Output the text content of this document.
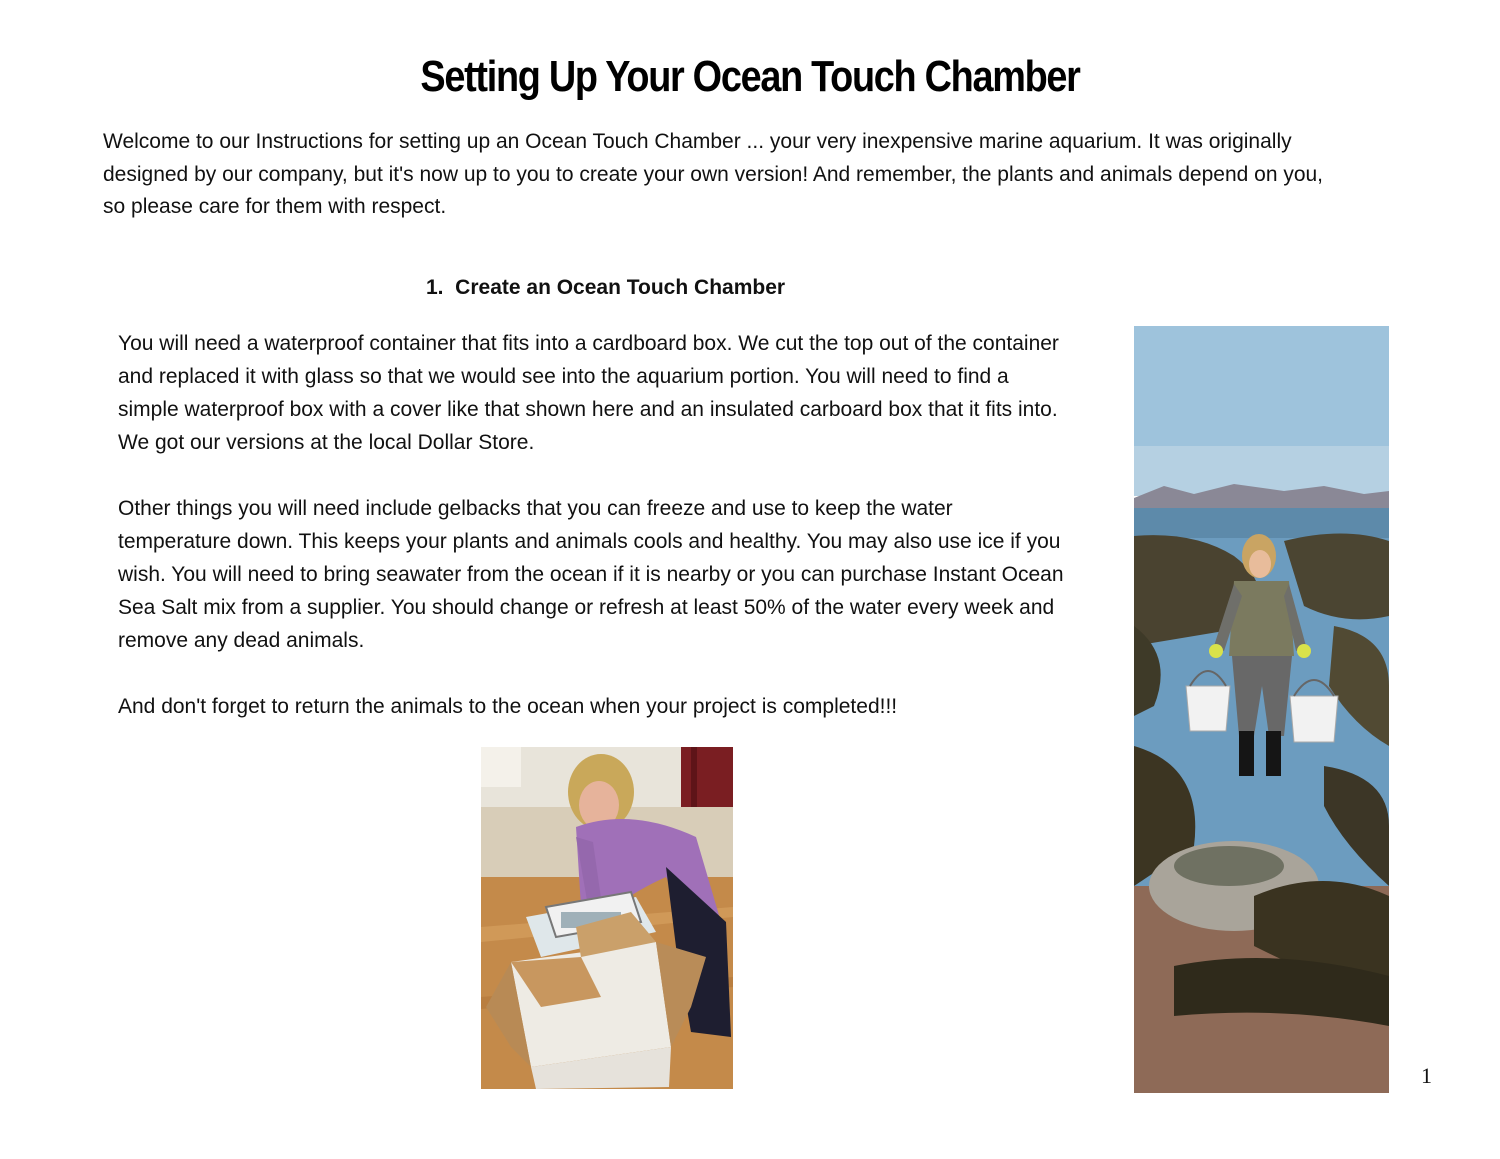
Setting Up Your Ocean Touch Chamber

Welcome to our Instructions for setting up an Ocean Touch Chamber ... your very inexpensive marine aquarium. It was originally designed by our company, but it's now up to you to create your own version! And remember, the plants and animals depend on you, so please care for them with respect.

1.  Create an Ocean Touch Chamber

You will need a waterproof container that fits into a cardboard box. We cut the top out of the container and replaced it with glass so that we would see into the aquarium portion. You will need to find a simple waterproof box with a cover like that shown here and an insulated carboard box that it fits into. We got our versions at the local Dollar Store.

Other things you will need include gelbacks that you can freeze and use to keep the water temperature down. This keeps your plants and animals cools and healthy. You may also use ice if you wish. You will need to bring seawater from the ocean if it is nearby or you can purchase Instant Ocean Sea Salt mix from a supplier. You should change or refresh at least 50% of the water every week and remove any dead animals.

And don't forget to return the animals to the ocean when your project is completed!!!

1
